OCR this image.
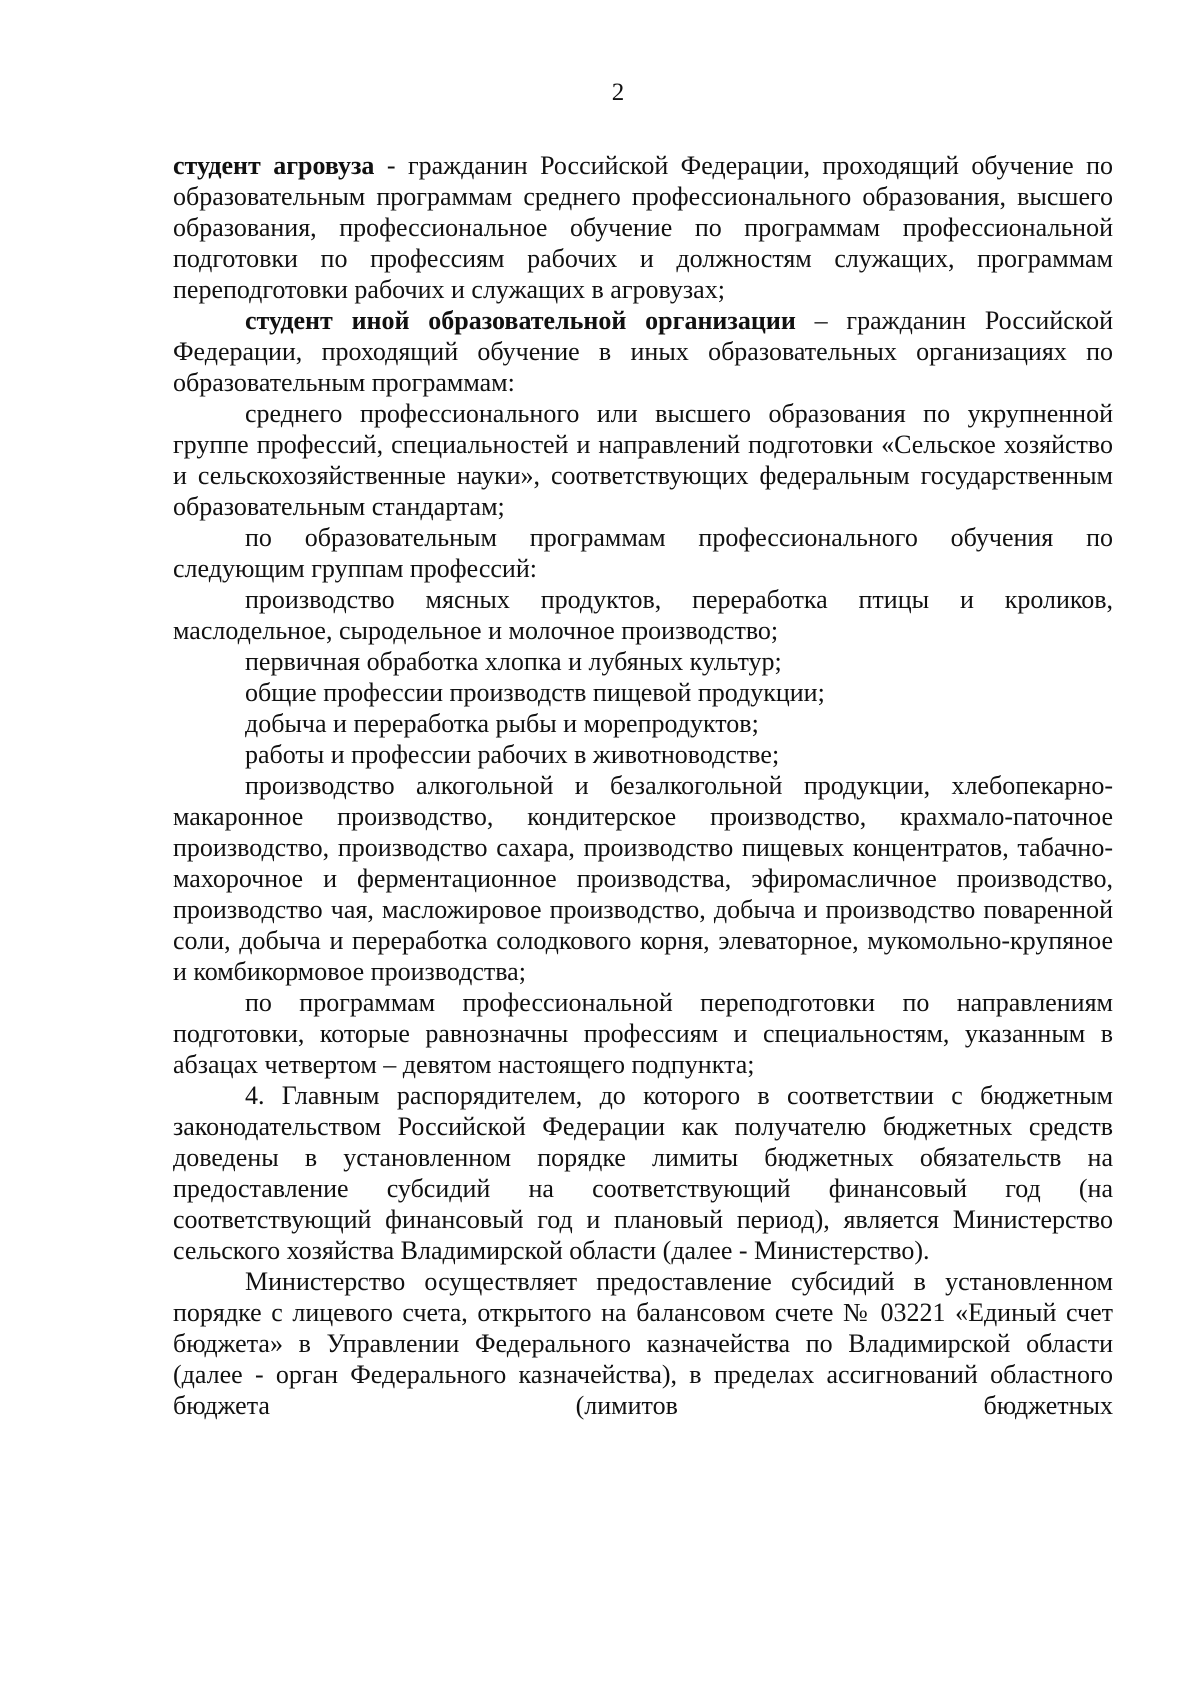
2

студент агровуза - гражданин Российской Федерации, проходящий обучение по образовательным программам среднего профессионального образования, высшего образования, профессиональное обучение по программам профессиональной подготовки по профессиям рабочих и должностям служащих, программам переподготовки рабочих и служащих в агровузах;

студент иной образовательной организации – гражданин Российской Федерации, проходящий обучение в иных образовательных организациях по образовательным программам:

среднего профессионального или высшего образования по укрупненной группе профессий, специальностей и направлений подготовки «Сельское хозяйство и сельскохозяйственные науки», соответствующих федеральным государственным образовательным стандартам;

по образовательным программам профессионального обучения по следующим группам профессий:

производство мясных продуктов, переработка птицы и кроликов, маслодельное, сыродельное и молочное производство;

первичная обработка хлопка и лубяных культур;

общие профессии производств пищевой продукции;

добыча и переработка рыбы и морепродуктов;

работы и профессии рабочих в животноводстве;

производство алкогольной и безалкогольной продукции, хлебопекарно-макаронное производство, кондитерское производство, крахмало-паточное производство, производство сахара, производство пищевых концентратов, табачно-махорочное и ферментационное производства, эфиромасличное производство, производство чая, масложировое производство, добыча и производство поваренной соли, добыча и переработка солодкового корня, элеваторное, мукомольно-крупяное и комбикормовое производства;

по программам профессиональной переподготовки по направлениям подготовки, которые равнозначны профессиям и специальностям, указанным в абзацах четвертом – девятом настоящего подпункта;

4. Главным распорядителем, до которого в соответствии с бюджетным законодательством Российской Федерации как получателю бюджетных средств доведены в установленном порядке лимиты бюджетных обязательств на предоставление субсидий на соответствующий финансовый год (на соответствующий финансовый год и плановый период), является Министерство сельского хозяйства Владимирской области (далее - Министерство).

Министерство осуществляет предоставление субсидий в установленном порядке с лицевого счета, открытого на балансовом счете № 03221 «Единый счет бюджета» в Управлении Федерального казначейства по Владимирской области (далее - орган Федерального казначейства), в пределах ассигнований областного бюджета (лимитов бюджетных
